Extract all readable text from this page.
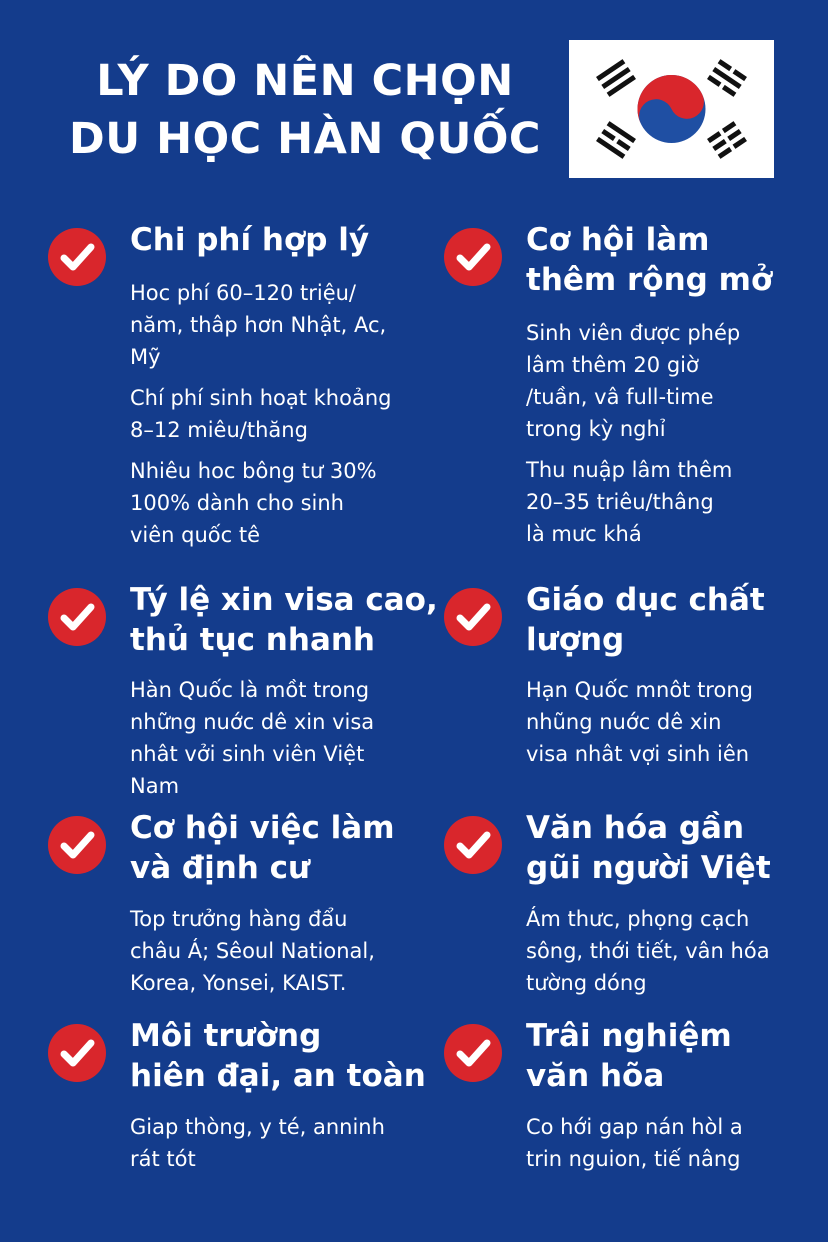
LÝ DO NÊN CHỌN
DU HỌC HÀN QUỐC
Chi phí hợp lý

Hoc phí 60–120 triệu/

năm, thâp hơn Nhật, Ac,

Mỹ

Chí phí sinh hoạt khoảng

8–12 miêu/thăng

Nhiêu hoc bông tư 30%

100% dành cho sinh

viên quốc tê

Cơ hội làm
thêm rộng mở

Sinh viên được phép

lâm thêm 20 giờ

/tuần, vâ full-time

trong kỳ nghỉ

Thu nuập lâm thêm

20–35 triêu/thâng

là mưc khá

Tý lệ xin visa cao,
thủ tục nhanh

Hàn Quốc là mồt trong

những nuớc dê xin visa

nhât vởi sinh viên Việt

Nam

Giáo dục chất
lượng

Hạn Quốc mnôt trong

nhũng nuớc dê xin

visa nhât vợi sinh iên

Cơ hội việc làm
và định cư

Top trưởng hàng đẩu

châu Á; Sêoul National,

Korea, Yonsei, KAIST.

Văn hóa gần
gũi người Việt

Ám thưc, phọng cạch

sông, thới tiết, vân hóa

tường dóng

Môi trường
hiên đại, an toàn

Giap thòng, y té, anninh

rát tót

Trâi nghiệm
văn hõa

Co hới gap nán hòl a

trin nguion, tiế nâng
